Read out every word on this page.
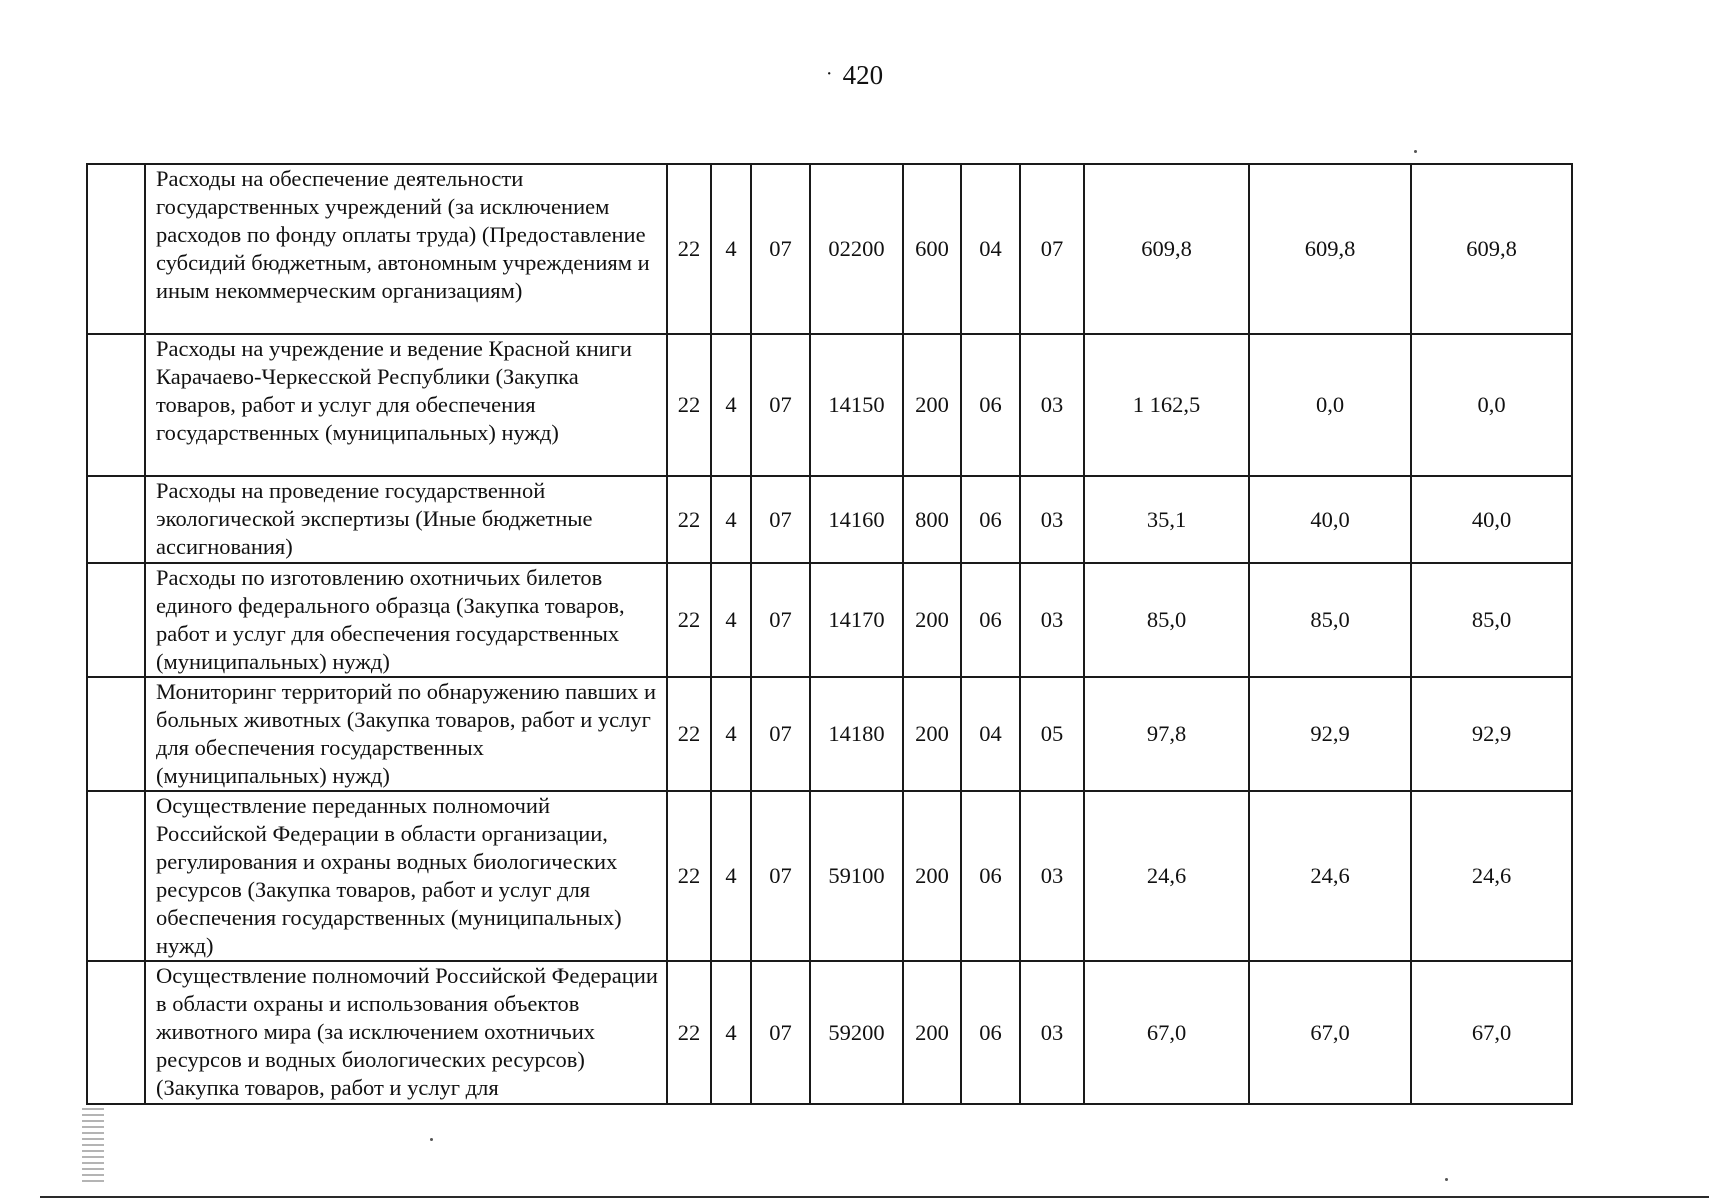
· 420
	Расходы на обеспечение деятельности государственных учреждений (за исключением расходов по фонду оплаты труда) (Предоставление субсидий бюджетным, автономным учреждениям и иным некоммерческим организациям)	22	4	07	02200	600	04	07	609,8	609,8	609,8
	Расходы на учреждение и ведение Красной книги Карачаево-Черкесской Республики (Закупка товаров, работ и услуг для обеспечения государственных (муниципальных) нужд)	22	4	07	14150	200	06	03	1 162,5	0,0	0,0
	Расходы на проведение государственной экологической экспертизы (Иные бюджетные ассигнования)	22	4	07	14160	800	06	03	35,1	40,0	40,0
	Расходы по изготовлению охотничьих билетов единого федерального образца (Закупка товаров, работ и услуг для обеспечения государственных (муниципальных) нужд)	22	4	07	14170	200	06	03	85,0	85,0	85,0
	Мониторинг территорий по обнаружению павших и больных животных (Закупка товаров, работ и услуг для обеспечения государственных (муниципальных) нужд)	22	4	07	14180	200	04	05	97,8	92,9	92,9
	Осуществление переданных полномочий Российской Федерации в области организации, регулирования и охраны водных биологических ресурсов (Закупка товаров, работ и услуг для обеспечения государственных (муниципальных) нужд)	22	4	07	59100	200	06	03	24,6	24,6	24,6
	Осуществление полномочий Российской Федерации в области охраны и использования объектов животного мира (за исключением охотничьих ресурсов и водных биологических ресурсов) (Закупка товаров, работ и услуг для	22	4	07	59200	200	06	03	67,0	67,0	67,0
